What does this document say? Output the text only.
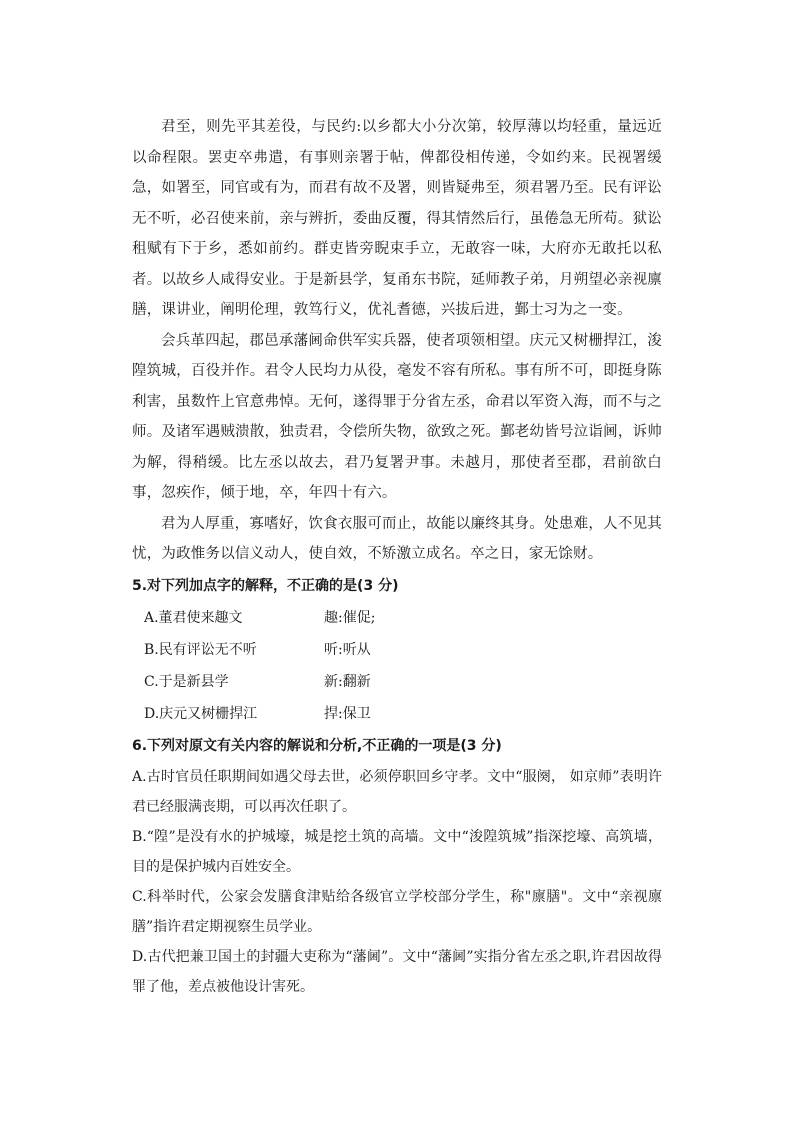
君至，则先平其差役，与民约:以乡都大小分次第，较厚薄以均轻重，量远近以命程限。罢吏卒弗遣，有事则亲署于帖，俾都役相传递，令如约来。民视署缓急，如署至，同官或有为，而君有故不及署，则皆疑弗至，须君署乃至。民有评讼无不听，必召使来前，亲与辨折，委曲反覆，得其情然后行，虽倦急无所苟。狱讼租赋有下于乡，悉如前约。群吏皆旁睨束手立，无敢容一味，大府亦无敢托以私者。以故乡人咸得安业。于是新县学，复甬东书院，延师教子弟，月朔望必亲视廪膳，课讲业，阐明伦理，敦笃行义，优礼耆德，兴拔后进，鄞士习为之一变。

会兵革四起，郡邑承藩阃命供军实兵器，使者项领相望。庆元又树栅捍江，浚隍筑城，百役并作。君令人民均力从役，毫发不容有所私。事有所不可，即挺身陈利害，虽数忤上官意弗悼。无何，遂得罪于分省左丞，命君以军资入海，而不与之师。及诸军遇贼溃散，独责君，令偿所失物，欲致之死。鄞老幼皆号泣诣阃，诉帅为解，得稍缓。比左丞以故去，君乃复署尹事。未越月，那使者至郡，君前欲白事，忽疾作，倾于地，卒，年四十有六。

君为人厚重，寡嗜好，饮食衣服可而止，故能以廉终其身。处患难，人不见其忧，为政惟务以信义动人，使自效，不矫激立成名。卒之日，家无馀财。

5.对下列加点字的解释，不正确的是(3 分)

A.董君使来趣文	趣:催促;
B.民有评讼无不听	听:听从
C.于是新县学	新:翻新
D.庆元又树栅捍江	捍:保卫

6.下列对原文有关内容的解说和分析,不正确的一项是(3 分)

A.古时官员任职期间如遇父母去世，必须停职回乡守孝。文中“服阕， 如京师”表明许君已经服满丧期，可以再次任职了。

B.“隍”是没有水的护城壕，城是挖土筑的高墙。文中“浚隍筑城”指深挖壕、高筑墙，目的是保护城内百姓安全。

C.科举时代，公家会发膳食津贴给各级官立学校部分学生，称"廪膳"。文中“亲视廪膳”指许君定期视察生员学业。

D.古代把兼卫国土的封疆大吏称为“藩阃”。文中“藩阃”实指分省左丞之职,许君因故得罪了他，差点被他设计害死。
